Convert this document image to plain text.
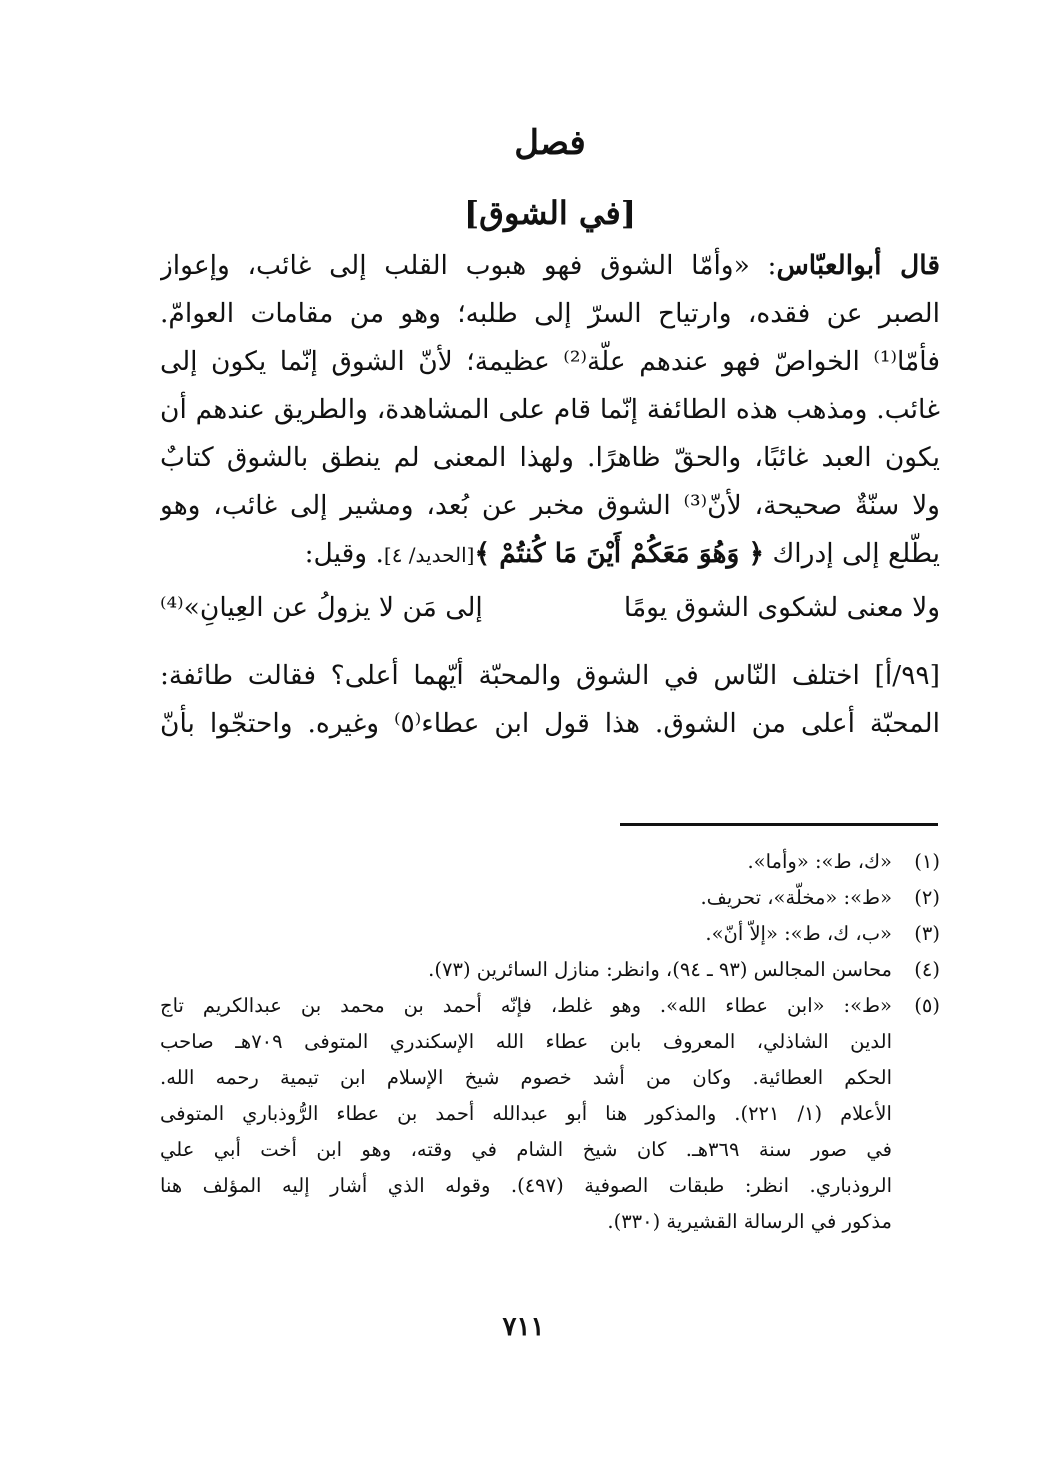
فصل
[في الشوق]
قال أبوالعبّاس: «وأمّا الشوق فهو هبوب القلب إلى غائب، وإعواز
الصبر عن فقده، وارتياح السرّ إلى طلبه؛ وهو من مقامات العوامّ.
فأمّا⁽¹⁾ الخواصّ فهو عندهم علّة⁽²⁾ عظيمة؛ لأنّ الشوق إنّما يكون إلى
غائب. ومذهب هذه الطائفة إنّما قام على المشاهدة، والطريق عندهم أن
يكون العبد غائبًا، والحقّ ظاهرًا. ولهذا المعنى لم ينطق بالشوق كتابٌ
ولا سنّةٌ صحيحة، لأنّ⁽³⁾ الشوق مخبر عن بُعد، ومشير إلى غائب، وهو
يطّلع إلى إدراك ﴿ وَهُوَ مَعَكُمْ أَيْنَ مَا كُنتُمْ ﴾[الحديد/ ٤]. وقيل:
ولا معنى لشكوى الشوق يومًا
إلى مَن لا يزولُ عن العِيانِ»⁽⁴⁾
[٩٩/أ] اختلف النّاس في الشوق والمحبّة أيّهما أعلى؟ فقالت طائفة:
المحبّة أعلى من الشوق. هذا قول ابن عطاء⁽٥⁾ وغيره. واحتجّوا بأنّ
(١)
«ك، ط»: «وأما».
(٢)
«ط»: «مخلّة»، تحريف.
(٣)
«ب، ك، ط»: «إلاّ أنّ».
(٤)
محاسن المجالس (٩٣ ـ ٩٤)، وانظر: منازل السائرين (٧٣).
(٥)
«ط»: «ابن عطاء الله». وهو غلط، فإنّه أحمد بن محمد بن عبدالكريم تاج
الدين الشاذلي، المعروف بابن عطاء الله الإسكندري المتوفى ٧٠٩هـ صاحب
الحكم العطائية. وكان من أشد خصوم شيخ الإسلام ابن تيمية رحمه الله.
الأعلام (١/ ٢٢١). والمذكور هنا أبو عبدالله أحمد بن عطاء الرُّوذباري المتوفى
في صور سنة ٣٦٩هـ. كان شيخ الشام في وقته، وهو ابن أخت أبي علي
الروذباري. انظر: طبقات الصوفية (٤٩٧). وقوله الذي أشار إليه المؤلف هنا
مذكور في الرسالة القشيرية (٣٣٠).
٧١١
